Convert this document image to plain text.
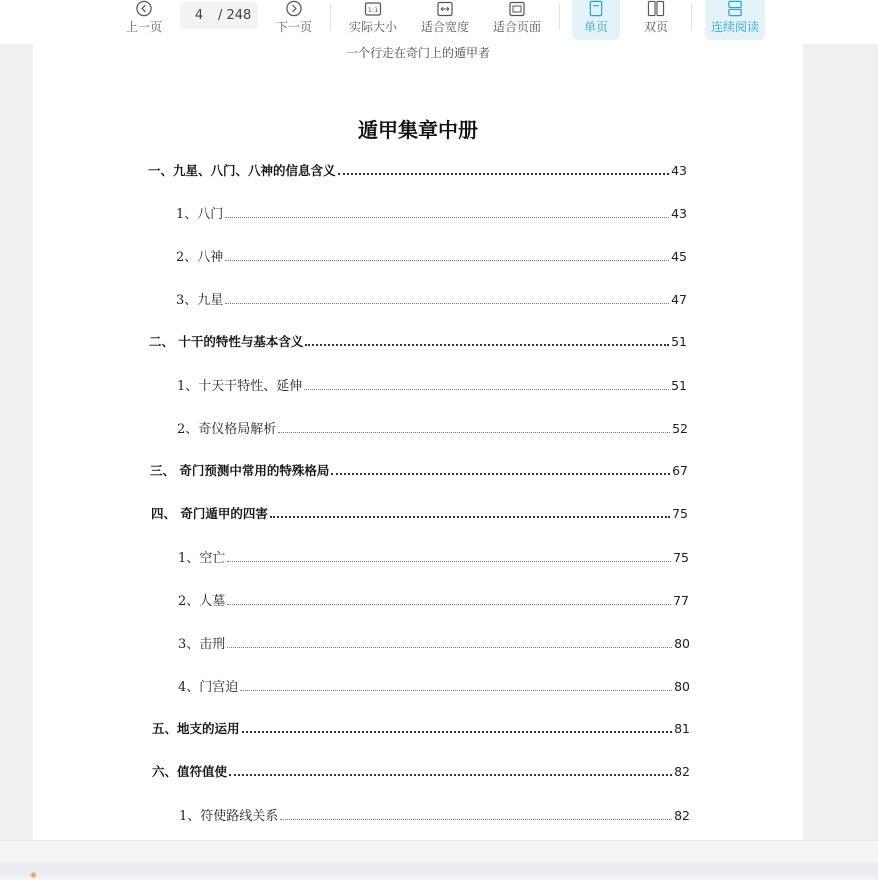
上一页
4	/ 248
下一页
1:1
实际大小 适合宽度 适合页面	单页	双页	连续阅读
一个行走在奇门上的遁甲者
遁甲集章中册
一、九星、八门、八神的信息含义	43
1、八门	43
2、八神	45
3、九星	47
二、 十干的特性与基本含义	51
1、十天干特性、延伸	51
2、奇仪格局解析	52
三、 奇门预测中常用的特殊格局	67
四、 奇门遁甲的四害	75
1、空亡	75
2、人墓	77
3、击刑	80
4、门宫迫	80
五、地支的运用	81
六、值符值使	82
1、符使路线关系	82
✺
